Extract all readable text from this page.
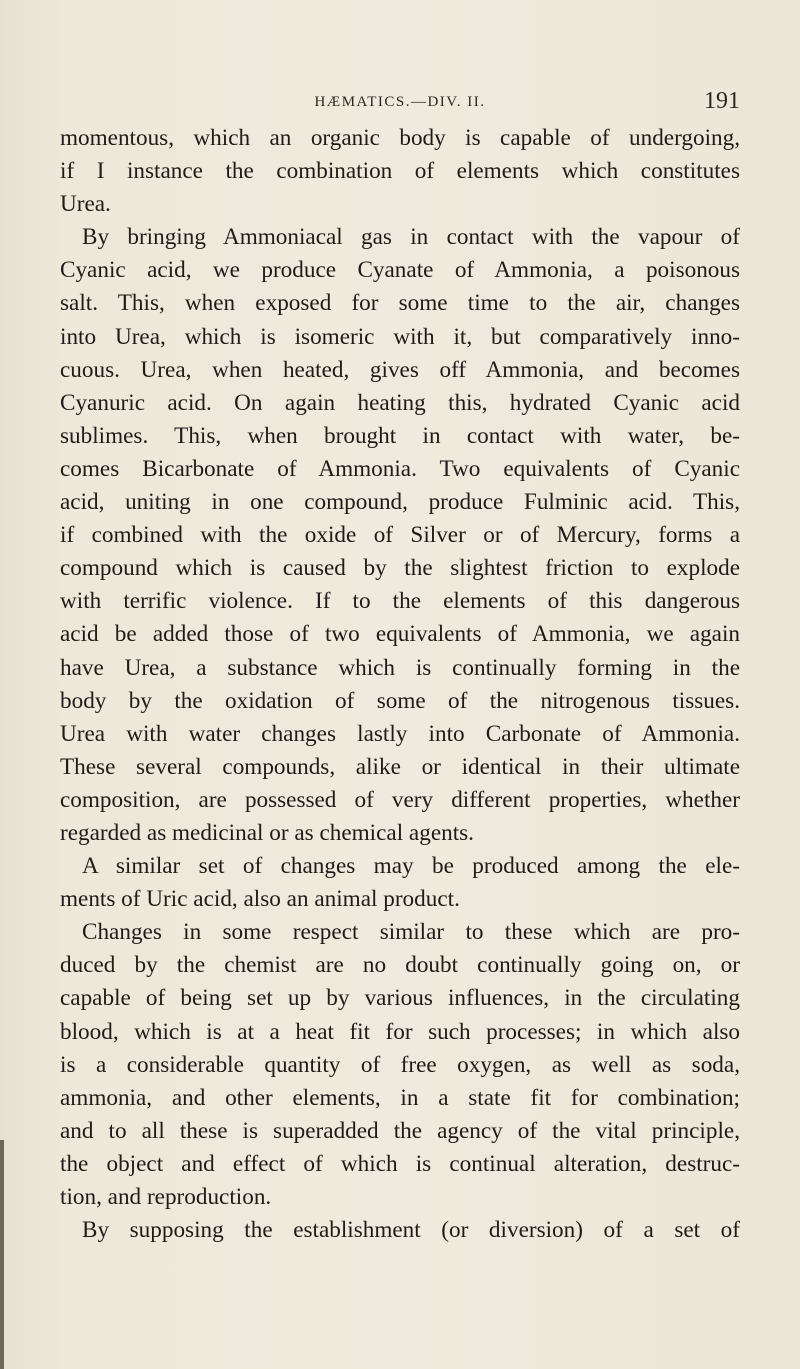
HÆMATICS.—DIV. II.	191
momentous, which an organic body is capable of undergoing,
if I instance the combination of elements which constitutes
Urea.
By bringing Ammoniacal gas in contact with the vapour of
Cyanic acid, we produce Cyanate of Ammonia, a poisonous
salt. This, when exposed for some time to the air, changes
into Urea, which is isomeric with it, but comparatively inno-
cuous. Urea, when heated, gives off Ammonia, and becomes
Cyanuric acid. On again heating this, hydrated Cyanic acid
sublimes. This, when brought in contact with water, be-
comes Bicarbonate of Ammonia. Two equivalents of Cyanic
acid, uniting in one compound, produce Fulminic acid. This,
if combined with the oxide of Silver or of Mercury, forms a
compound which is caused by the slightest friction to explode
with terrific violence. If to the elements of this dangerous
acid be added those of two equivalents of Ammonia, we again
have Urea, a substance which is continually forming in the
body by the oxidation of some of the nitrogenous tissues.
Urea with water changes lastly into Carbonate of Ammonia.
These several compounds, alike or identical in their ultimate
composition, are possessed of very different properties, whether
regarded as medicinal or as chemical agents.
A similar set of changes may be produced among the ele-
ments of Uric acid, also an animal product.
Changes in some respect similar to these which are pro-
duced by the chemist are no doubt continually going on, or
capable of being set up by various influences, in the circulating
blood, which is at a heat fit for such processes; in which also
is a considerable quantity of free oxygen, as well as soda,
ammonia, and other elements, in a state fit for combination;
and to all these is superadded the agency of the vital principle,
the object and effect of which is continual alteration, destruc-
tion, and reproduction.
By supposing the establishment (or diversion) of a set of
